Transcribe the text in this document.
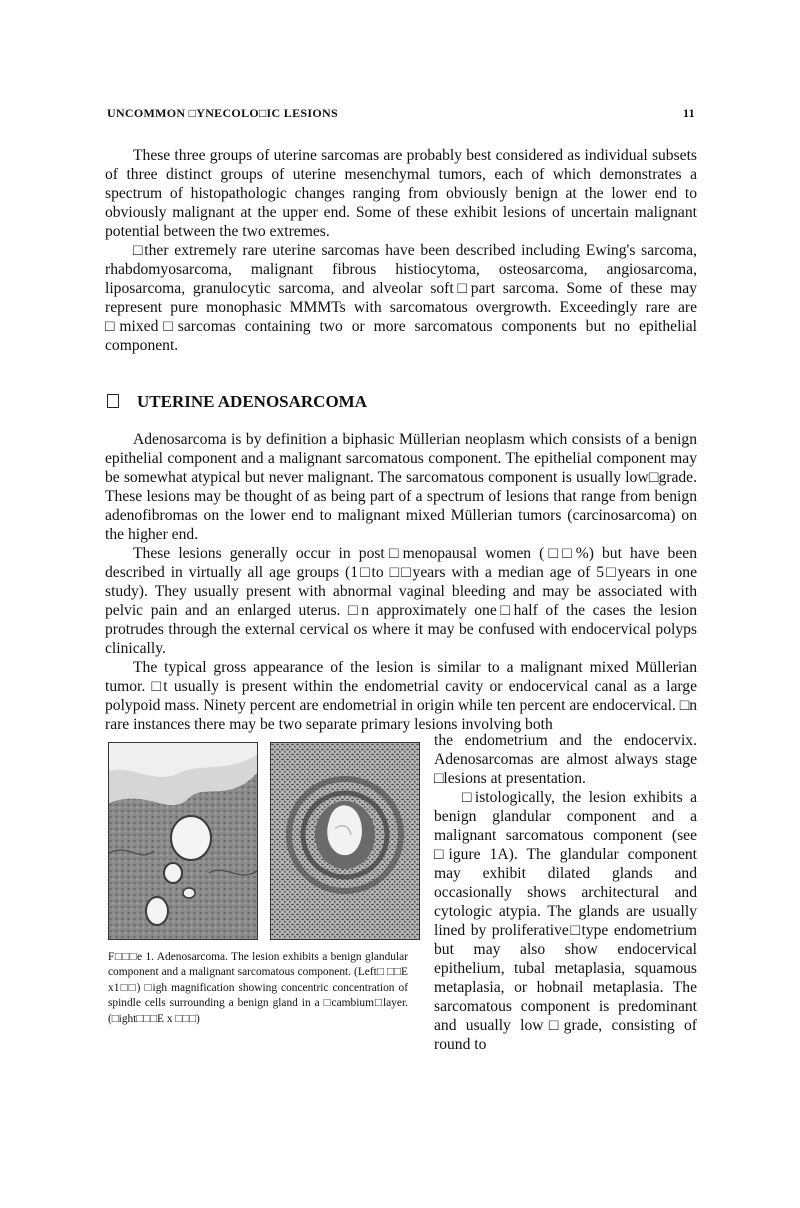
UNCOMMON □YNECOLO□IC LESIONS	11

These three groups of uterine sarcomas are probably best considered as individual subsets of three distinct groups of uterine mesenchymal tumors, each of which demonstrates a spectrum of histopathologic changes ranging from obviously benign at the lower end to obviously malignant at the upper end. Some of these exhibit lesions of uncertain malignant potential between the two extremes.

□ther extremely rare uterine sarcomas have been described including Ewing's sarcoma, rhabdomyosarcoma, malignant fibrous histiocytoma, osteosarcoma, angiosarcoma, liposarcoma, granulocytic sarcoma, and alveolar soft□part sarcoma. Some of these may represent pure monophasic MMMTs with sarcomatous overgrowth. Exceedingly rare are □mixed□sarcomas containing two or more sarcomatous components but no epithelial component.

UTERINE ADENOSARCOMA

Adenosarcoma is by definition a biphasic Müllerian neoplasm which consists of a benign epithelial component and a malignant sarcomatous component. The epithelial component may be somewhat atypical but never malignant. The sarcomatous component is usually low□grade. These lesions may be thought of as being part of a spectrum of lesions that range from benign adenofibromas on the lower end to malignant mixed Müllerian tumors (carcinosarcoma) on the higher end.

These lesions generally occur in post□menopausal women (□□%) but have been described in virtually all age groups (1□to □□years with a median age of 5□years in one study). They usually present with abnormal vaginal bleeding and may be associated with pelvic pain and an enlarged uterus. □n approximately one□half of the cases the lesion protrudes through the external cervical os where it may be confused with endocervical polyps clinically.

The typical gross appearance of the lesion is similar to a malignant mixed Müllerian tumor. □t usually is present within the endometrial cavity or endocervical canal as a large polypoid mass. Ninety percent are endometrial in origin while ten percent are endocervical. □n rare instances there may be two separate primary lesions involving both

F□□□e 1. Adenosarcoma. The lesion exhibits a benign glandular component and a malignant sarcomatous component. (Left□ □□E x1□□) □igh magnification showing concentric concentration of spindle cells surrounding a benign gland in a □cambium□layer. (□ight□□□E x □□□)

the endometrium and the endocervix. Adenosarcomas are almost always stage □lesions at presentation.

□istologically, the lesion exhibits a benign glandular component and a malignant sarcomatous component (see □igure 1A). The glandular component may exhibit dilated glands and occasionally shows architectural and cytologic atypia. The glands are usually lined by proliferative□type endometrium but may also show endocervical epithelium, tubal metaplasia, squamous metaplasia, or hobnail metaplasia. The sarcomatous component is predominant and usually low□grade, consisting of round to
